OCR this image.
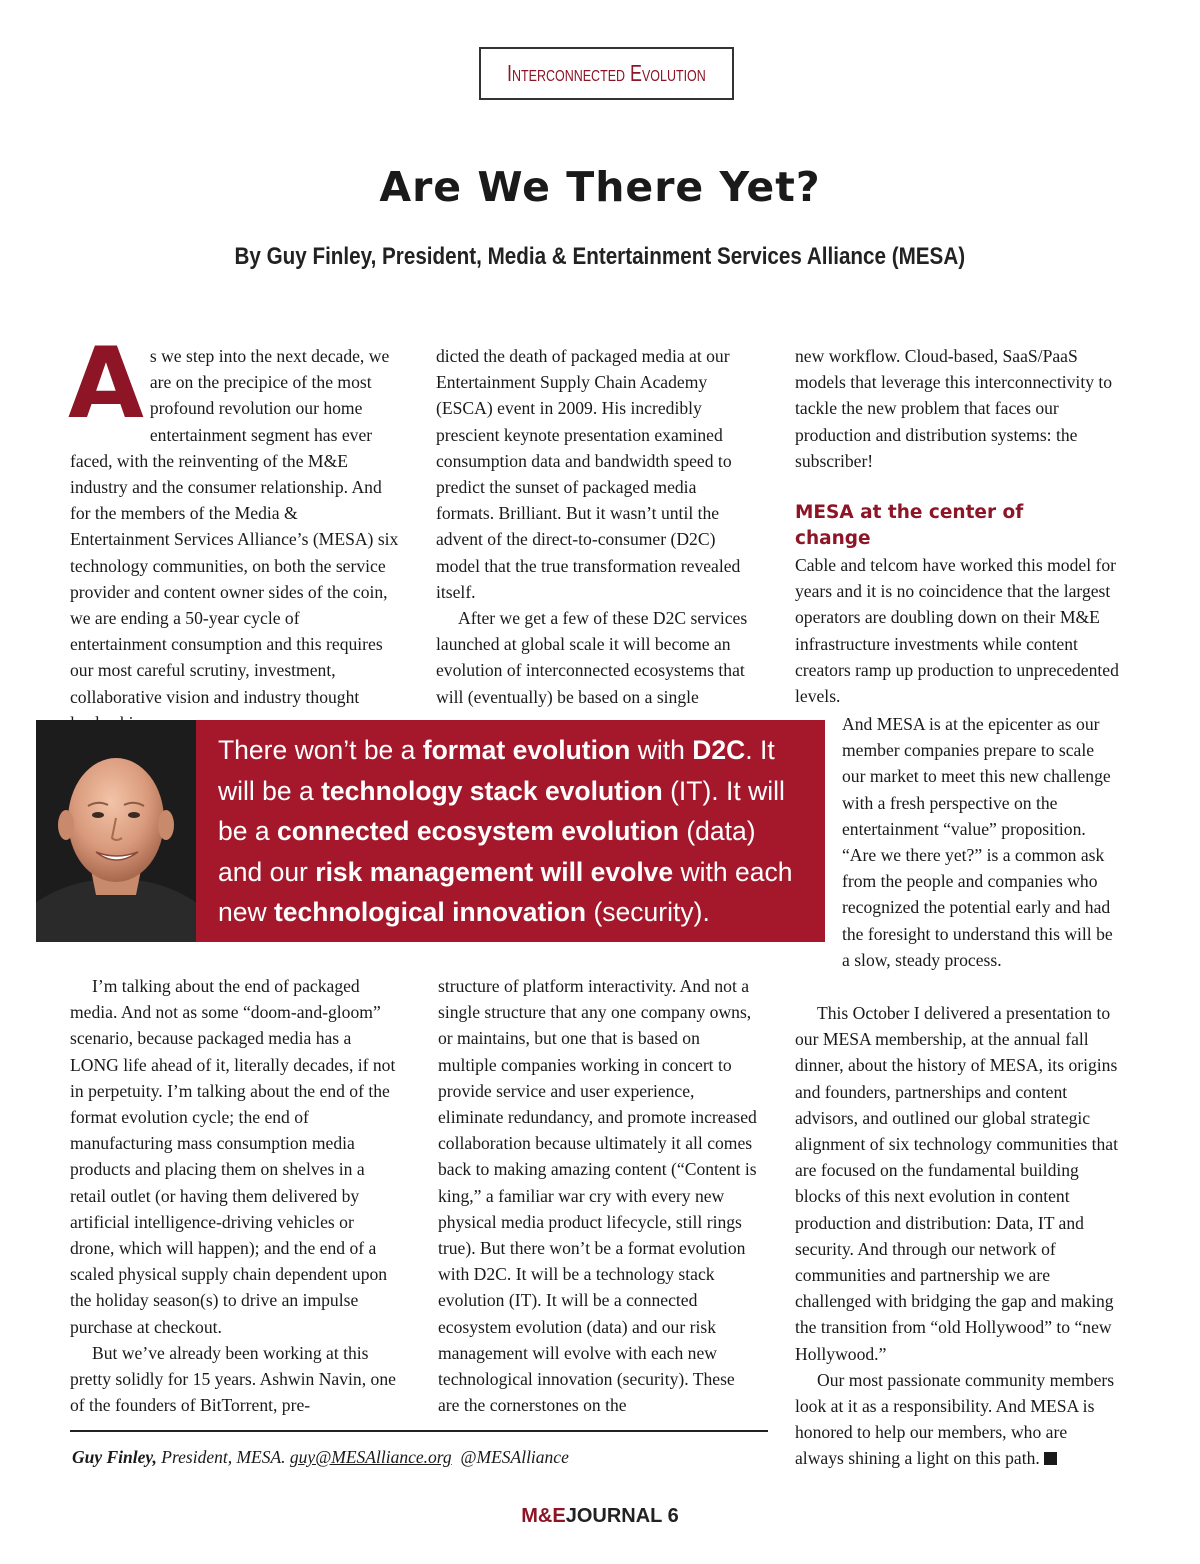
Interconnected Evolution
Are We There Yet?
By Guy Finley, President, Media & Entertainment Services Alliance (MESA)

As we step into the next decade, we are on the precipice of the most profound revolution our home entertainment segment has ever faced, with the reinventing of the M&E industry and the consumer relationship. And for the members of the Media & Entertainment Services Alliance’s (MESA) six technology communities, on both the service provider and content owner sides of the coin, we are ending a 50-year cycle of entertainment consumption and this requires our most careful scrutiny, investment, collaborative vision and industry thought

dicted the death of packaged media at our Entertainment Supply Chain Academy (ESCA) event in 2009. His incredibly prescient keynote presentation examined consumption data and bandwidth speed to predict the sunset of packaged media formats. Brilliant. But it wasn’t until the advent of the direct-to-consumer (D2C) model that the true transformation revealed itself.

After we get a few of these D2C services launched at global scale it will become an evolution of interconnected ecosystems that will (eventually) be based on a single

new workflow. Cloud-based, SaaS/PaaS models that leverage this interconnectivity to tackle the new problem that faces our production and distribution systems: the subscriber!

MESA at the center of change

Cable and telcom have worked this model for years and it is no coincidence that the largest operators are doubling down on their M&E infrastructure investments while content creators ramp up production to unprecedented levels.

And MESA is at the epicenter as our member companies prepare to scale our market to meet this new challenge with a fresh perspective on the entertainment “value” proposition. “Are we there yet?” is a common ask from the people and companies who recognized the potential early and had the foresight to understand this will be a slow, steady process.

There won’t be a format evolution with D2C. It will be a technology stack evolution (IT). It will be a connected ecosystem evolution (data) and our risk management will evolve with each new technological innovation (security).

I’m talking about the end of packaged media. And not as some “doom-and-gloom” scenario, because packaged media has a LONG life ahead of it, literally decades, if not in perpetuity. I’m talking about the end of the format evolution cycle; the end of manufacturing mass consumption media products and placing them on shelves in a retail outlet (or having them delivered by artificial intelligence-driving vehicles or drone, which will happen); and the end of a scaled physical supply chain dependent upon the holiday season(s) to drive an impulse purchase at checkout.

But we’ve already been working at this pretty solidly for 15 years. Ashwin Navin, one of the founders of BitTorrent, pre-

structure of platform interactivity. And not a single structure that any one company owns, or maintains, but one that is based on multiple companies working in concert to provide service and user experience, eliminate redundancy, and promote increased collaboration because ultimately it all comes back to making amazing content (“Content is king,” a familiar war cry with every new physical media product lifecycle, still rings true). But there won’t be a format evolution with D2C. It will be a technology stack evolution (IT). It will be a connected ecosystem evolution (data) and our risk management will evolve with each new technological innovation (security). These are the cornerstones on the

This October I delivered a presentation to our MESA membership, at the annual fall dinner, about the history of MESA, its origins and founders, partnerships and content advisors, and outlined our global strategic alignment of six technology communities that are focused on the fundamental building blocks of this next evolution in content production and distribution: Data, IT and security. And through our network of communities and partnership we are challenged with bridging the gap and making the transition from “old Hollywood” to “new Hollywood.”

Our most passionate community members look at it as a responsibility. And MESA is honored to help our members, who are always shining a light on this path.

Guy Finley, President, MESA. guy@MESAlliance.org  @MESAlliance
M&EJOURNAL 6
